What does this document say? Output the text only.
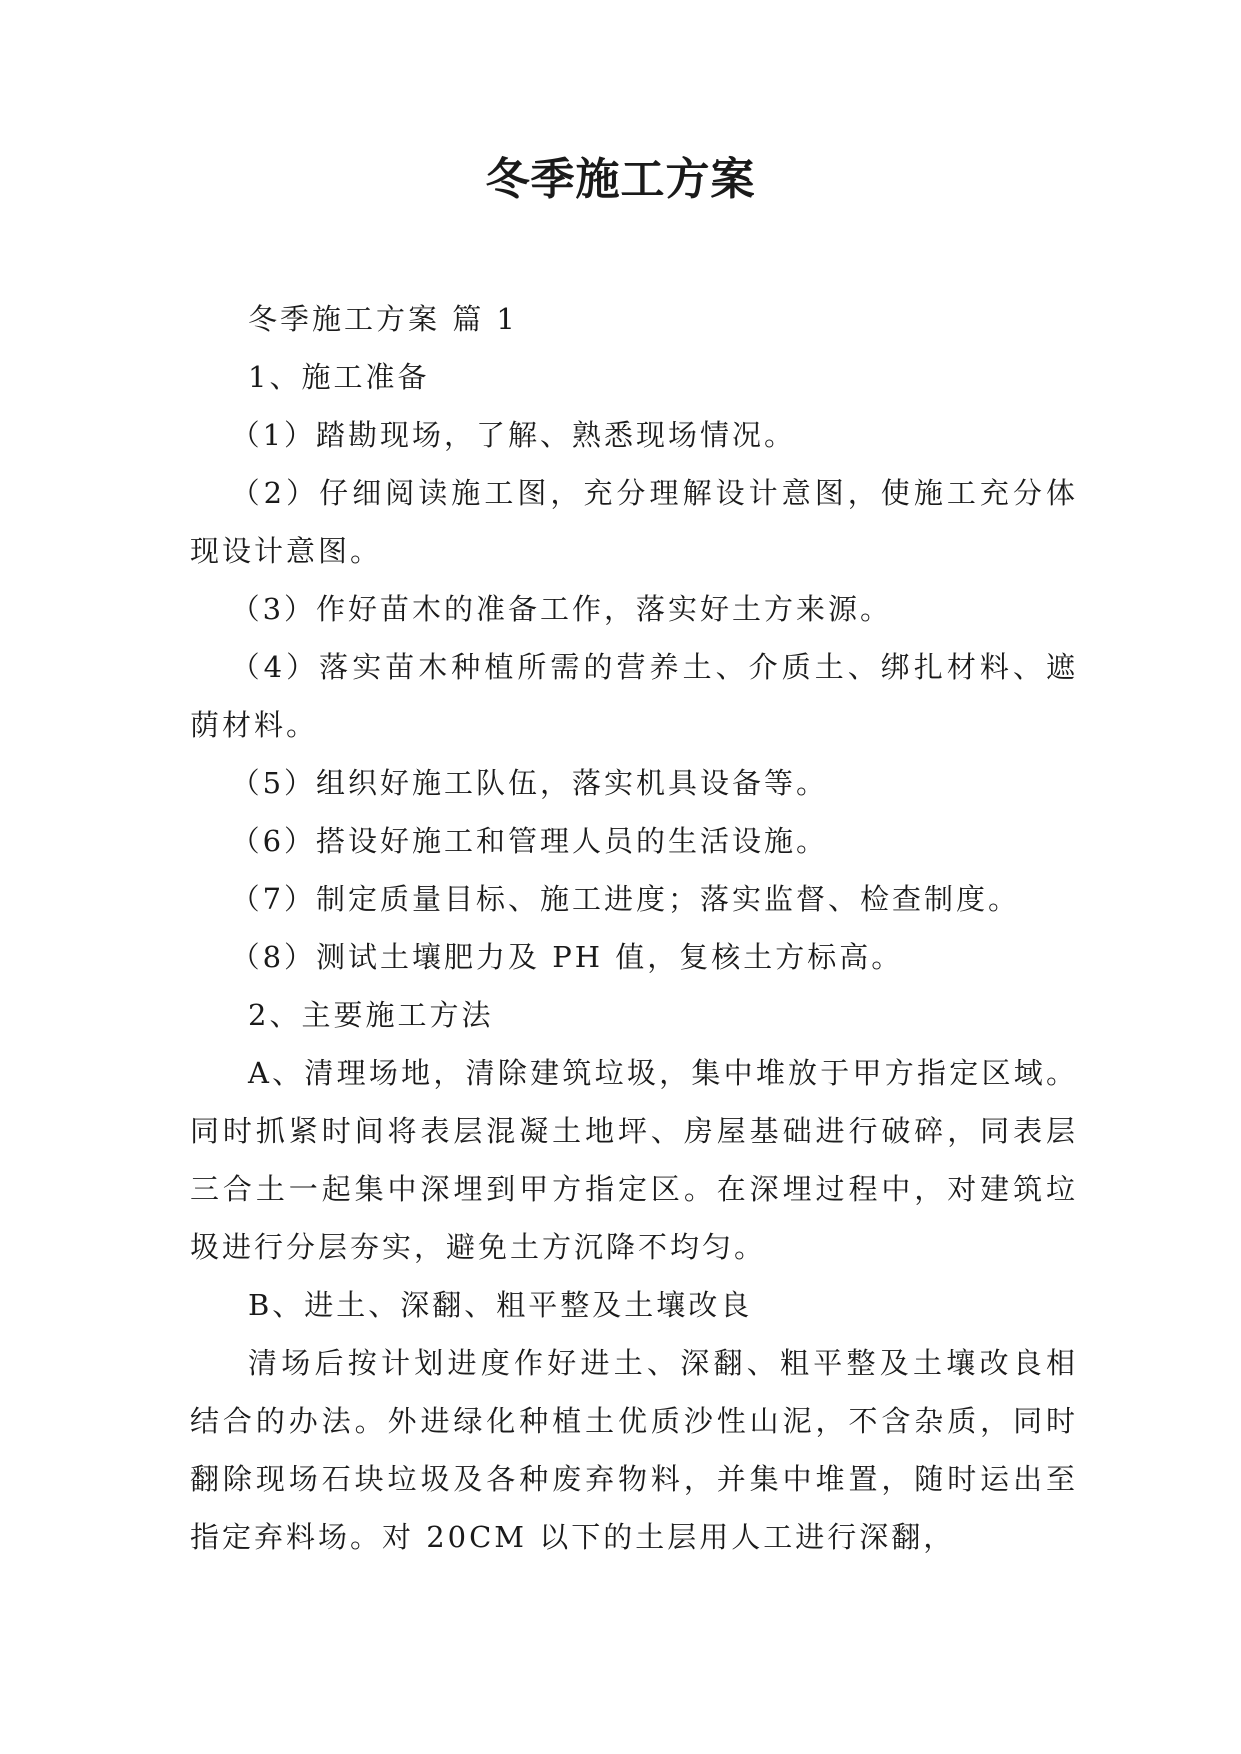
冬季施工方案

冬季施工方案 篇 1

1、施工准备

（1）踏勘现场，了解、熟悉现场情况。

（2）仔细阅读施工图，充分理解设计意图，使施工充分体现设计意图。

（3）作好苗木的准备工作，落实好土方来源。

（4）落实苗木种植所需的营养土、介质土、绑扎材料、遮荫材料。

（5）组织好施工队伍，落实机具设备等。

（6）搭设好施工和管理人员的生活设施。

（7）制定质量目标、施工进度；落实监督、检查制度。

（8）测试土壤肥力及 PH 值，复核土方标高。

2、主要施工方法

A、清理场地，清除建筑垃圾，集中堆放于甲方指定区域。同时抓紧时间将表层混凝土地坪、房屋基础进行破碎，同表层三合土一起集中深埋到甲方指定区。在深埋过程中，对建筑垃圾进行分层夯实，避免土方沉降不均匀。

B、进土、深翻、粗平整及土壤改良

清场后按计划进度作好进土、深翻、粗平整及土壤改良相结合的办法。外进绿化种植土优质沙性山泥，不含杂质，同时翻除现场石块垃圾及各种废弃物料，并集中堆置，随时运出至指定弃料场。对 20CM 以下的土层用人工进行深翻，
